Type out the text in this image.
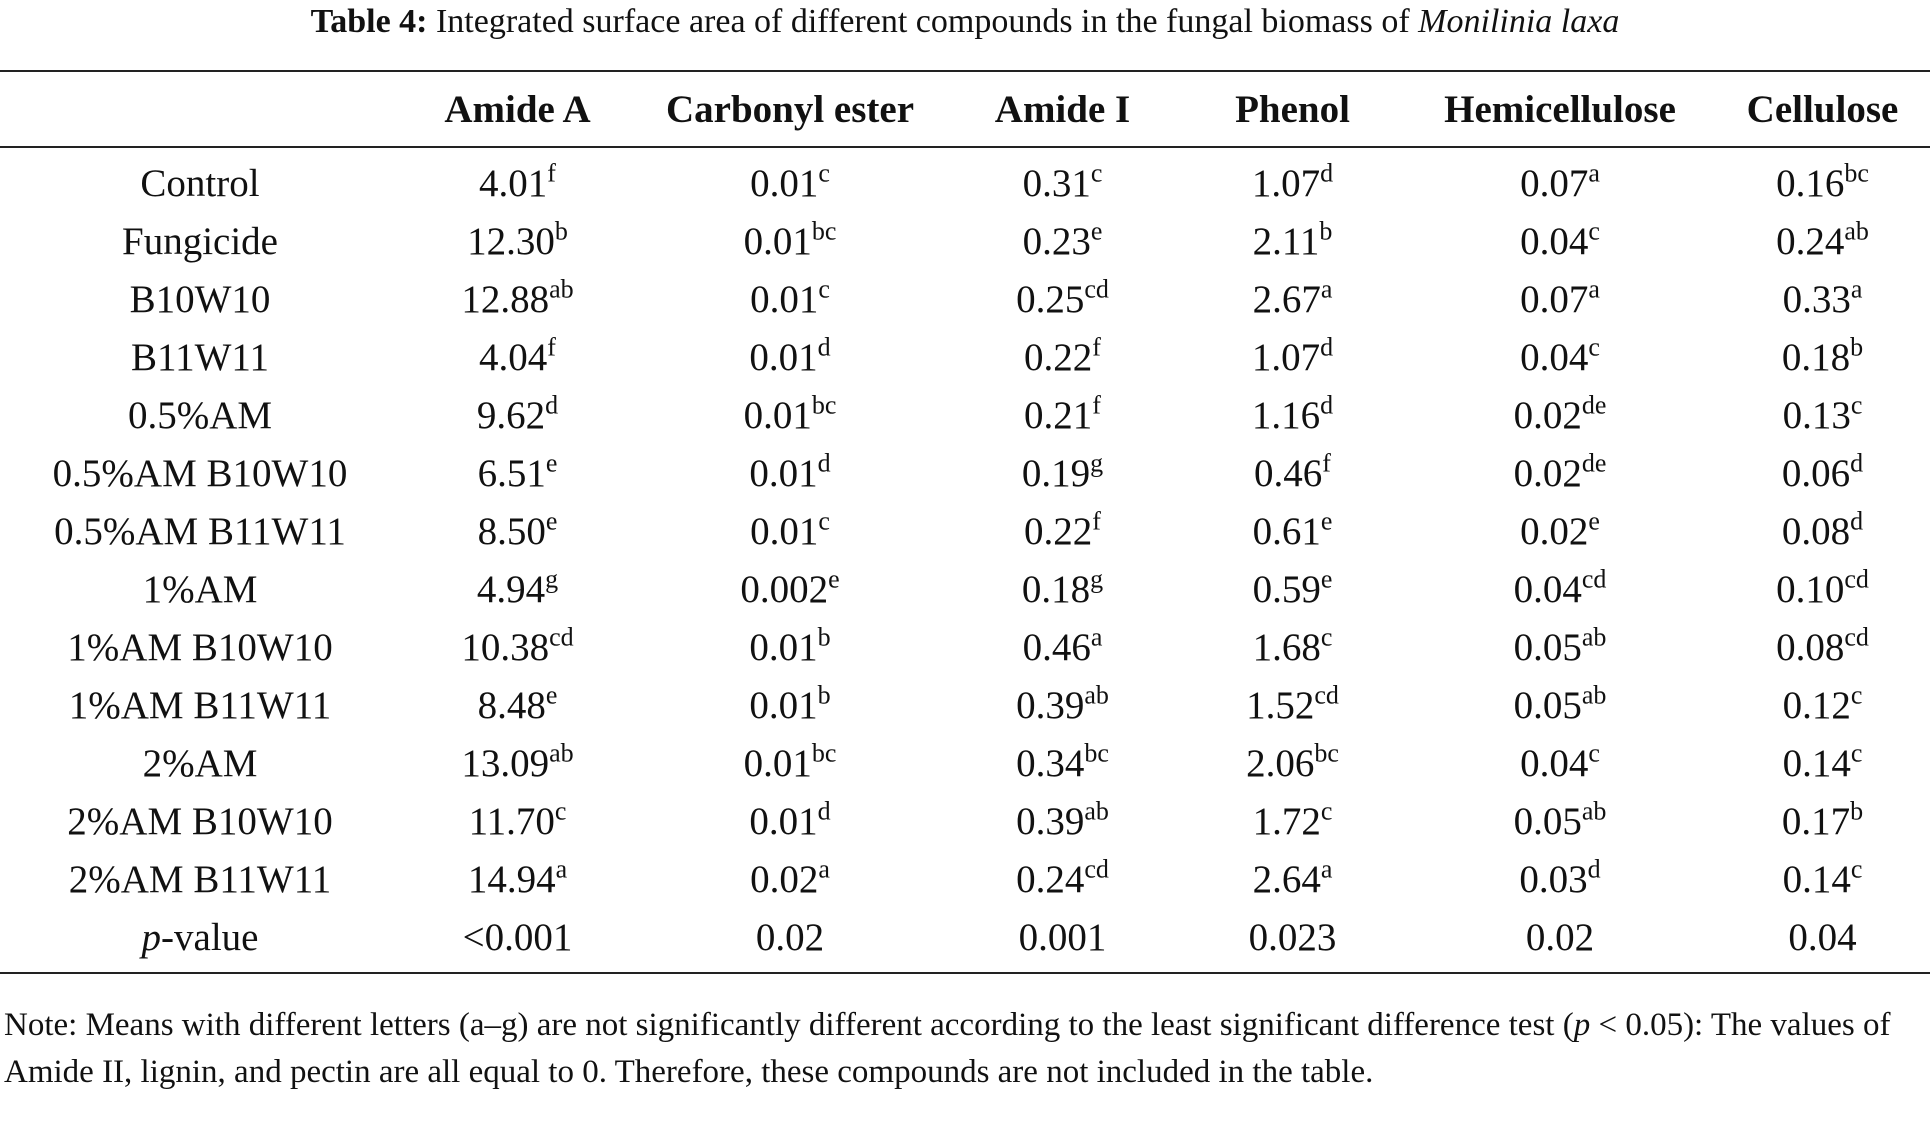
Table 4: Integrated surface area of different compounds in the fungal biomass of Monilinia laxa
	Amide A	Carbonyl ester	Amide I	Phenol	Hemicellulose	Cellulose
Control	4.01$^f$	0.01$^c$	0.31$^c$	1.07$^d$	0.07$^a$	0.16$^{bc}$
Fungicide	12.30$^b$	0.01$^{bc}$	0.23e	2.11$^b$	0.04$^c$	0.24$^{ab}$
B10W10	12.88$^{ab}$	0.01$^c$	0.25$^{cd}$	2.67$^a$	0.07$^a$	0.33$^a$
B11W11	4.04$^f$	0.01$^d$	0.22$^f$	1.07$^d$	0.04$^c$	0.18$^b$
0.5%AM	9.62$^d$	0.01$^{bc}$	0.21$^f$	1.16$^d$	0.02de	0.13$^c$
0.5%AM B10W10	6.51e	0.01$^d$	0.19$^g$	0.46$^f$	0.02de	0.06$^d$
0.5%AM B11W11	8.50e	0.01$^c$	0.22$^f$	0.61e	0.02e	0.08$^d$
1%AM	4.94$^g$	0.002e	0.18$^g$	0.59e	0.04$^{cd}$	0.10$^{cd}$
1%AM B10W10	10.38$^{cd}$	0.01$^b$	0.46$^a$	1.68$^c$	0.05$^{ab}$	0.08$^{cd}$
1%AM B11W11	8.48e	0.01$^b$	0.39$^{ab}$	1.52$^{cd}$	0.05$^{ab}$	0.12$^c$
2%AM	13.09$^{ab}$	0.01$^{bc}$	0.34$^{bc}$	2.06$^{bc}$	0.04$^c$	0.14$^c$
2%AM B10W10	11.70$^c$	0.01$^d$	0.39$^{ab}$	1.72$^c$	0.05$^{ab}$	0.17$^b$
2%AM B11W11	14.94$^a$	0.02$^a$	0.24$^{cd}$	2.64$^a$	0.03$^d$	0.14$^c$
p-value	<0.001	0.02	0.001	0.023	0.02	0.04
Note: Means with different letters (a–g) are not significantly different according to the least significant difference test (p < 0.05): The values of Amide II, lignin, and pectin are all equal to 0. Therefore, these compounds are not included in the table.
